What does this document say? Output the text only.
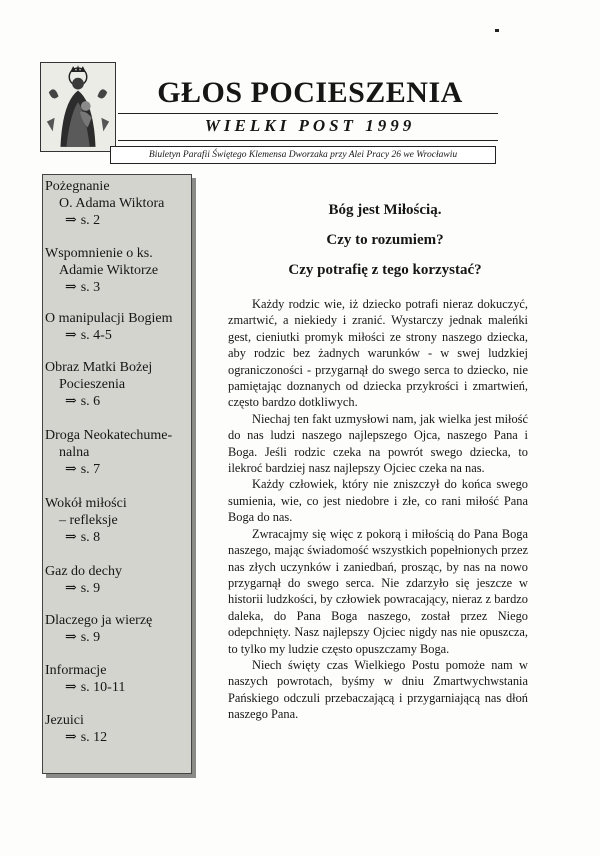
GŁOS POCIESZENIA
WIELKI POST 1999
Biuletyn Parafii Świętego Klemensa Dworzaka przy Alei Pracy 26 we Wrocławiu
Pożegnanie
O. Adama Wiktora
⇒ s. 2
Wspomnienie o ks.
Adamie Wiktorze
⇒ s. 3
O manipulacji Bogiem
⇒ s. 4-5
Obraz Matki Bożej
Pocieszenia
⇒ s. 6
Droga Neokatechume-
nalna
⇒ s. 7
Wokół miłości
– refleksje
⇒ s. 8
Gaz do dechy
⇒ s. 9
Dlaczego ja wierzę
⇒ s. 9
Informacje
⇒ s. 10-11
Jezuici
⇒ s. 12
Bóg jest Miłością.
Czy to rozumiem?
Czy potrafię z tego korzystać?

Każdy rodzic wie, iż dziecko potrafi nieraz dokuczyć, zmartwić, a niekiedy i zranić. Wystarczy jednak maleńki gest, cieniutki promyk miłości ze strony naszego dziecka, aby rodzic bez żadnych warunków - w swej ludzkiej ograniczoności - przygarnął do swego serca to dziecko, nie pamiętając doznanych od dziecka przykrości i zmartwień, często bardzo dotkliwych.

Niechaj ten fakt uzmysłowi nam, jak wielka jest miłość do nas ludzi naszego najlepszego Ojca, naszego Pana i Boga. Jeśli rodzic czeka na powrót swego dziecka, to ilekroć bardziej nasz najlepszy Ojciec czeka na nas.

Każdy człowiek, który nie zniszczył do końca swego sumienia, wie, co jest niedobre i złe, co rani miłość Pana Boga do nas.

Zwracajmy się więc z pokorą i miłością do Pana Boga naszego, mając świadomość wszystkich popełnionych przez nas złych uczynków i zaniedbań, prosząc, by nas na nowo przygarnął do swego serca. Nie zdarzyło się jeszcze w historii ludzkości, by człowiek powracający, nieraz z bardzo daleka, do Pana Boga naszego, został przez Niego odepchnięty. Nasz najlepszy Ojciec nigdy nas nie opuszcza, to tylko my ludzie często opuszczamy Boga.

Niech święty czas Wielkiego Postu pomoże nam w naszych powrotach, byśmy w dniu Zmartwychwstania Pańskiego odczuli przebaczającą i przygarniającą nas dłoń naszego Pana.
